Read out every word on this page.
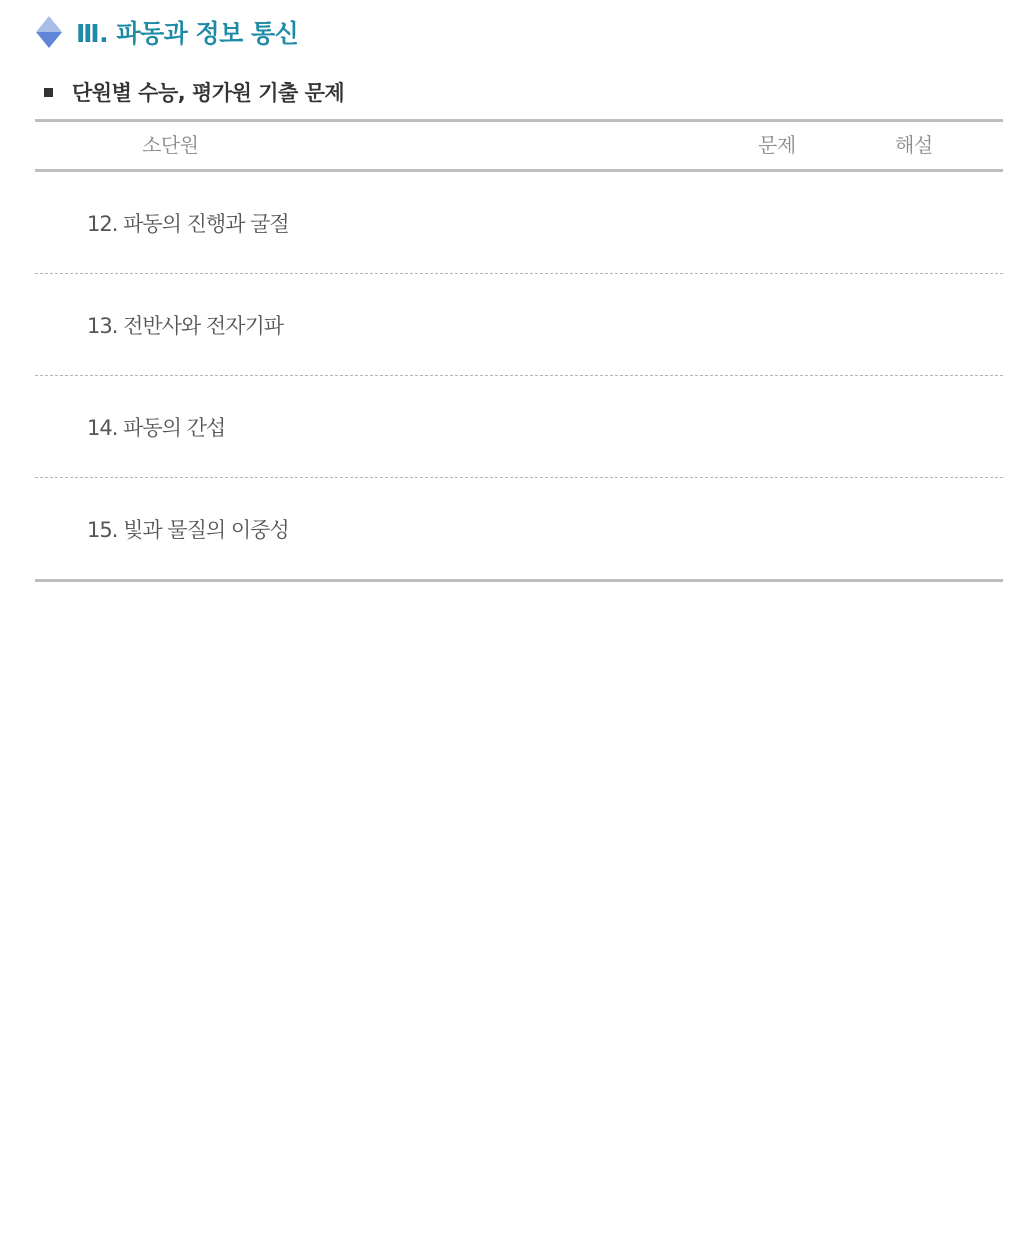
Ⅲ. 파동과 정보 통신
단원별 수능, 평가원 기출 문제
소단원	문제	해설
12. 파동의 진행과 굴절
13. 전반사와 전자기파
14. 파동의 간섭
15. 빛과 물질의 이중성
